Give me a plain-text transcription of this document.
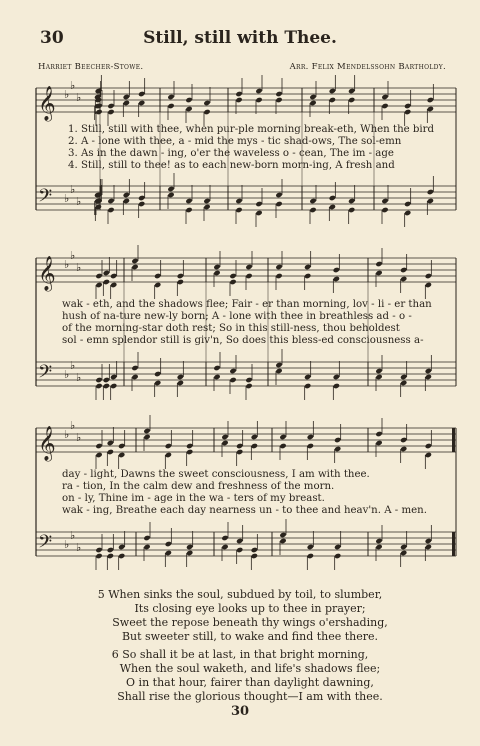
30	Still, still with Thee.
Harriet Beecher-Stowe.	Arr. Felix Mendelssohn Bartholdy.
𝄞 ♭
♭
♭
𝄢 ♭
♭
♭
1. Still, still with thee, when pur-ple morning break-eth, When the bird
2. A - lone with thee, a - mid the mys - tic shad-ows, The sol-emn
3. As in the dawn - ing, o'er the waveless o - cean, The im - age
4. Still, still to thee! as to each new-born morn-ing, A fresh and
𝄞 ♭
♭
♭
𝄢 ♭
♭
♭
wak - eth, and the shadows flee; Fair - er than morning, lov - li - er than
hush of na-ture new-ly born; A - lone with thee in breathless ad - o -
of the morning-star doth rest; So in this still-ness, thou beholdest
sol - emn splendor still is giv'n, So does this bless-ed consciousness a-
𝄞 ♭
♭
♭
𝄢 ♭
♭
♭
day - light, Dawns the sweet consciousness, I am with thee.
ra - tion, In the calm dew and freshness of the morn.
on - ly, Thine im - age in the wa - ters of my breast.
wak - ing, Breathe each day nearness un - to thee and heav'n. A - men.
5 When sinks the soul, subdued by toil, to slumber,
Its closing eye looks up to thee in prayer;
Sweet the repose beneath thy wings o'ershading,
But sweeter still, to wake and find thee there.
6 So shall it be at last, in that bright morning,
When the soul waketh, and life's shadows flee;
O in that hour, fairer than daylight dawning,
Shall rise the glorious thought—I am with thee.
30
